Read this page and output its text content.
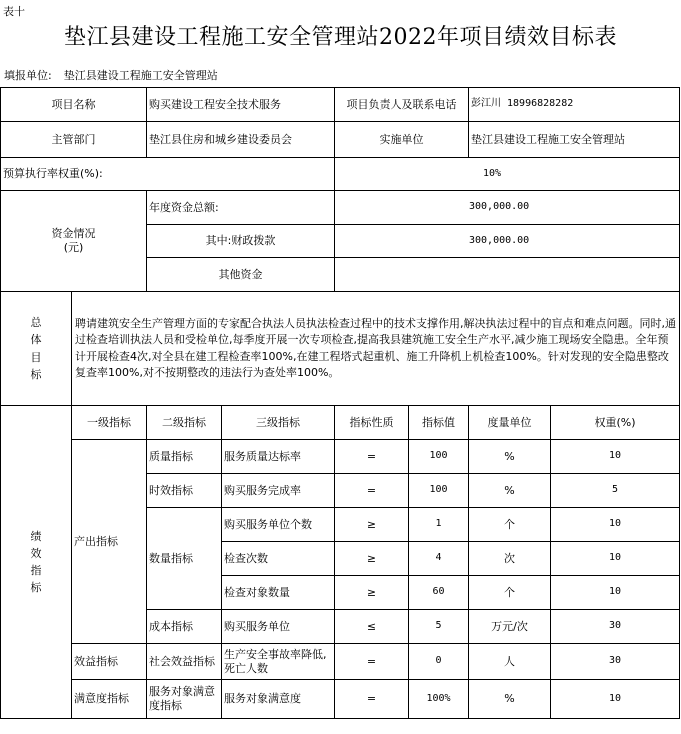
表十
垫江县建设工程施工安全管理站2022年项目绩效目标表
填报单位: 垫江县建设工程施工安全管理站
项目名称		购买建设工程安全技术服务		项目负责人及联系电话		彭江川 18996828282	
主管部门		垫江县住房和城乡建设委员会		实施单位		垫江县建设工程施工安全管理站	
预算执行率权重(%):				10%			

资金情况
(元)		年度资金总额:		300,000.00			
		其中:财政拨款		300,000.00			
		其他资金					

总
体
目
标	聘请建筑安全生产管理方面的专家配合执法人员执法检查过程中的技术支撑作用,解决执法过程中的盲点和难点问题。同时,通过检查培训执法人员和受检单位,每季度开展一次专项检查,提高我县建筑施工安全生产水平,减少施工现场安全隐患。全年预计开展检查4次,对全县在建工程检查率100%,在建工程塔式起重机、施工升降机上机检查100%。针对发现的安全隐患整改复查率100%,对不按期整改的违法行为查处率100%。						

绩
效
指
标	一级指标	二级指标	三级指标	指标性质	指标值	度量单位	权重(%)
	产出指标	质量指标	服务质量达标率	=	100	%	10
		时效指标	购买服务完成率	=	100	%	5
		数量指标	购买服务单位个数	≥	1	个	10
			检查次数	≥	4	次	10
			检查对象数量	≥	60	个	10
		成本指标	购买服务单位	≤	5	万元/次	30
	效益指标	社会效益指标	生产安全事故率降低,死亡人数	=	0	人	30
	满意度指标	服务对象满意度指标	服务对象满意度	=	100%	%	10
